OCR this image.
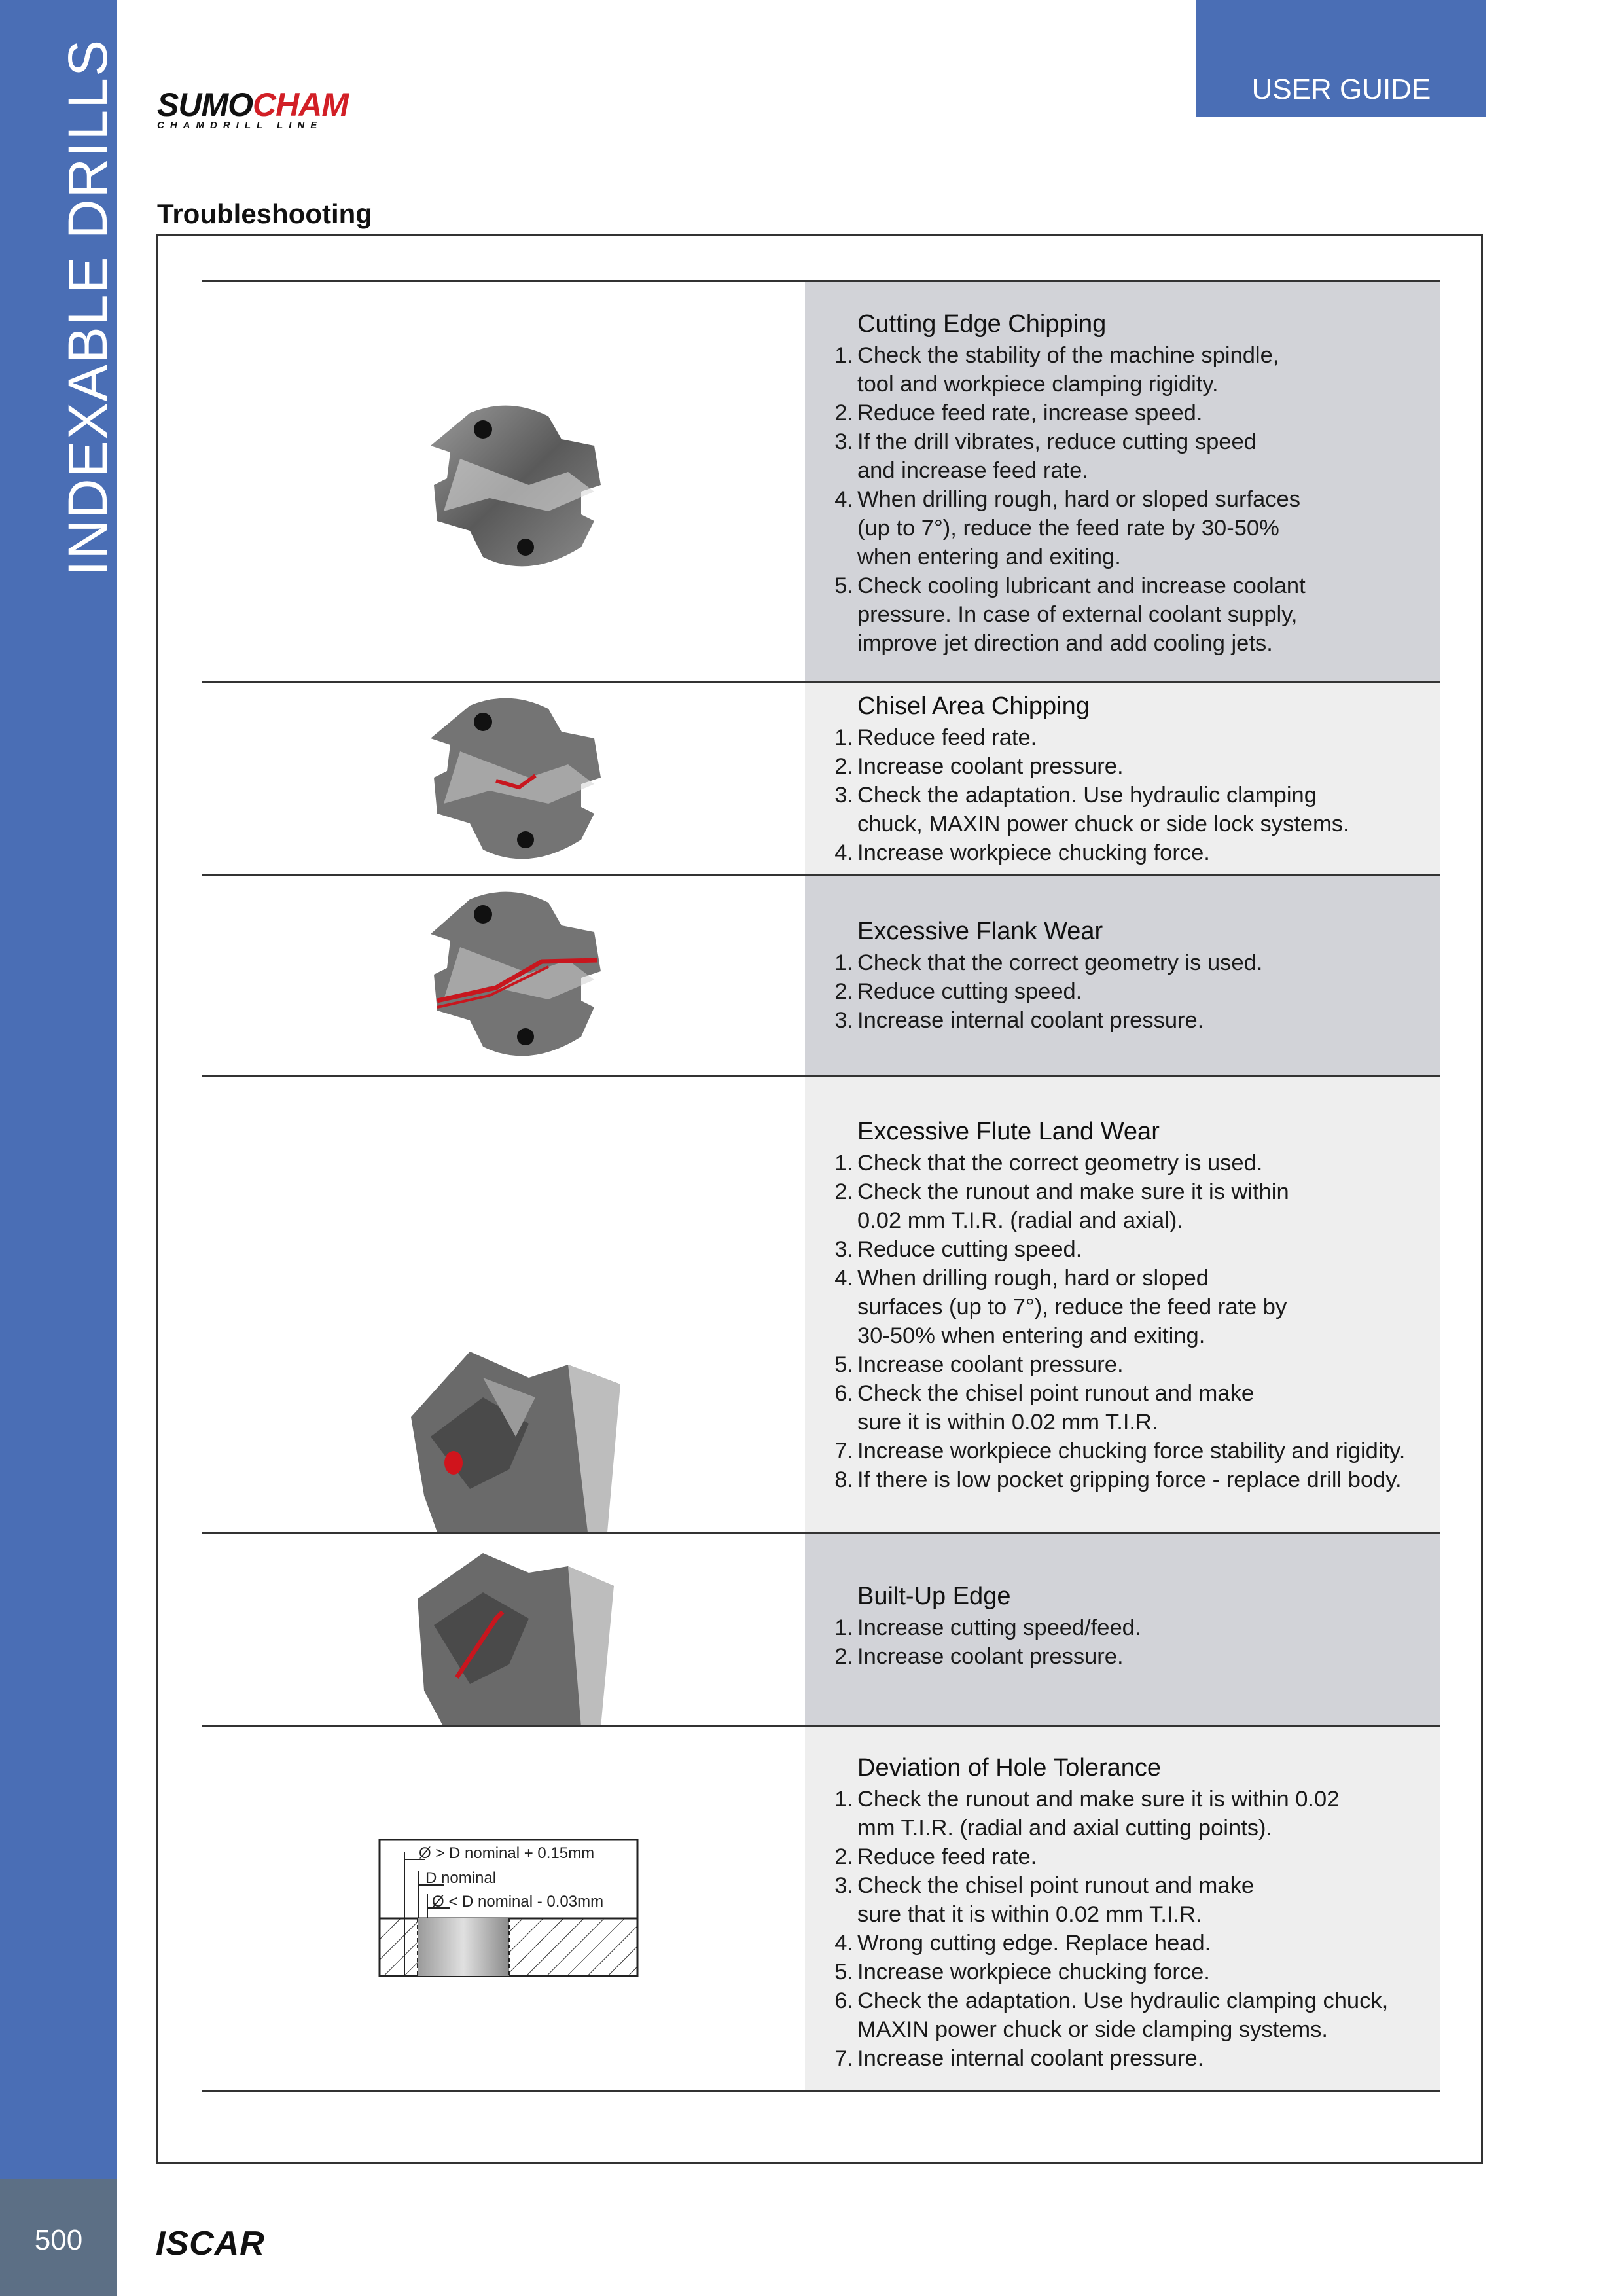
INDEXABLE DRILLS
500
USER GUIDE
SUMOCHAM
CHAMDRILL LINE
Troubleshooting
Cutting Edge Chipping
1. Check the stability of the machine spindle,
tool and workpiece clamping rigidity.
2. Reduce feed rate, increase speed.
3. If the drill vibrates, reduce cutting speed
and increase feed rate.
4. When drilling rough, hard or sloped surfaces
(up to 7°), reduce the feed rate by 30-50%
when entering and exiting.
5. Check cooling lubricant and increase coolant
pressure. In case of external coolant supply,
improve jet direction and add cooling jets.
Chisel Area Chipping
1. Reduce feed rate.
2. Increase coolant pressure.
3. Check the adaptation. Use hydraulic clamping
chuck, MAXIN power chuck or side lock systems.
4. Increase workpiece chucking force.
Excessive Flank Wear
1. Check that the correct geometry is used.
2. Reduce cutting speed.
3. Increase internal coolant pressure.
Excessive Flute Land Wear
1. Check that the correct geometry is used.
2. Check the runout and make sure it is within
0.02 mm T.I.R. (radial and axial).
3. Reduce cutting speed.
4. When drilling rough, hard or sloped
surfaces (up to 7°), reduce the feed rate by
30-50% when entering and exiting.
5. Increase coolant pressure.
6. Check the chisel point runout and make
sure it is within 0.02 mm T.I.R.
7. Increase workpiece chucking force stability and rigidity.
8. If there is low pocket gripping force - replace drill body.
Built-Up Edge
1. Increase cutting speed/feed.
2. Increase coolant pressure.
Ø > D nominal + 0.15mm
D nominal
Ø < D nominal - 0.03mm
Deviation of Hole Tolerance
1. Check the runout and make sure it is within 0.02
mm T.I.R. (radial and axial cutting points).
2. Reduce feed rate.
3. Check the chisel point runout and make
sure that it is within 0.02 mm T.I.R.
4. Wrong cutting edge. Replace head.
5. Increase workpiece chucking force.
6. Check the adaptation. Use hydraulic clamping chuck,
MAXIN power chuck or side clamping systems.
7. Increase internal coolant pressure.
ISCAR
